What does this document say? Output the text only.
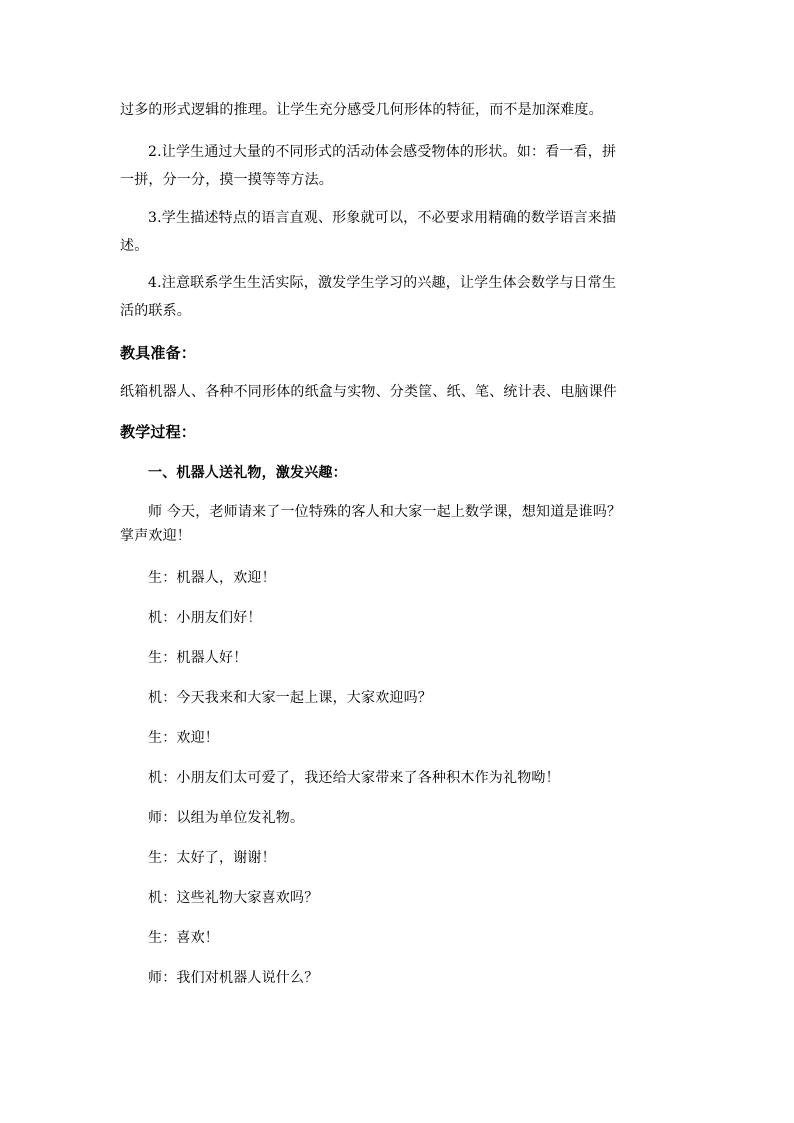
过多的形式逻辑的推理。让学生充分感受几何形体的特征，而不是加深难度。
2.让学生通过大量的不同形式的活动体会感受物体的形状。如：看一看，拼
一拼，分一分，摸一摸等等方法。
3.学生描述特点的语言直观、形象就可以，不必要求用精确的数学语言来描
述。
4.注意联系学生生活实际，激发学生学习的兴趣，让学生体会数学与日常生
活的联系。
教具准备：
纸箱机器人、各种不同形体的纸盒与实物、分类筐、纸、笔、统计表、电脑课件
教学过程：
一、机器人送礼物，激发兴趣：
师 今天，老师请来了一位特殊的客人和大家一起上数学课，想知道是谁吗？
掌声欢迎！
生：机器人，欢迎！
机：小朋友们好！
生：机器人好！
机：今天我来和大家一起上课，大家欢迎吗？
生：欢迎！
机：小朋友们太可爱了，我还给大家带来了各种积木作为礼物呦！
师：以组为单位发礼物。
生：太好了，谢谢！
机：这些礼物大家喜欢吗？
生：喜欢！
师：我们对机器人说什么？
